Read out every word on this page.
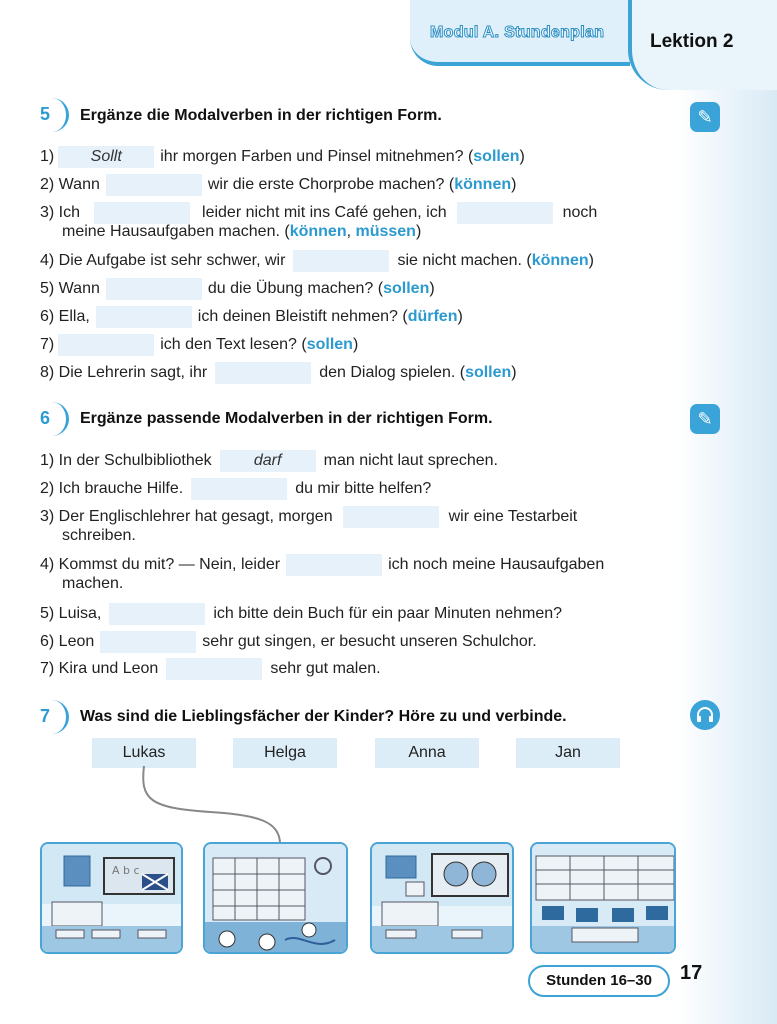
Modul A. Stundenplan Lektion 2
5 Ergänze die Modalverben in der richtigen Form.	✎
1) Sollt ihr morgen Farben und Pinsel mitnehmen? (sollen)
2) Wann	wir die erste Chorprobe machen? (können)
3) Ich	leider nicht mit ins Café gehen, ich	noch
meine Hausaufgaben machen. (können, müssen)
4) Die Aufgabe ist sehr schwer, wir	sie nicht machen. (können)
5) Wann	du die Übung machen? (sollen)
6) Ella,	ich deinen Bleistift nehmen? (dürfen)
7)	ich den Text lesen? (sollen)
8) Die Lehrerin sagt, ihr	den Dialog spielen. (sollen)
6 Ergänze passende Modalverben in der richtigen Form.	✎
1) In der Schulbibliothek	darf	man nicht laut sprechen.
2) Ich brauche Hilfe.	du mir bitte helfen?
3) Der Englischlehrer hat gesagt, morgen	wir eine Testarbeit
schreiben.
4) Kommst du mit? — Nein, leider	ich noch meine Hausaufgaben
machen.
5) Luisa,	ich bitte dein Buch für ein paar Minuten nehmen?
6) Leon	sehr gut singen, er besucht unseren Schulchor.
7) Kira und Leon	sehr gut malen.
7 Was sind die Lieblingsfächer der Kinder? Höre zu und verbinde.
Lukas	Helga	Anna	Jan
A b c
Stunden 16–30	17
